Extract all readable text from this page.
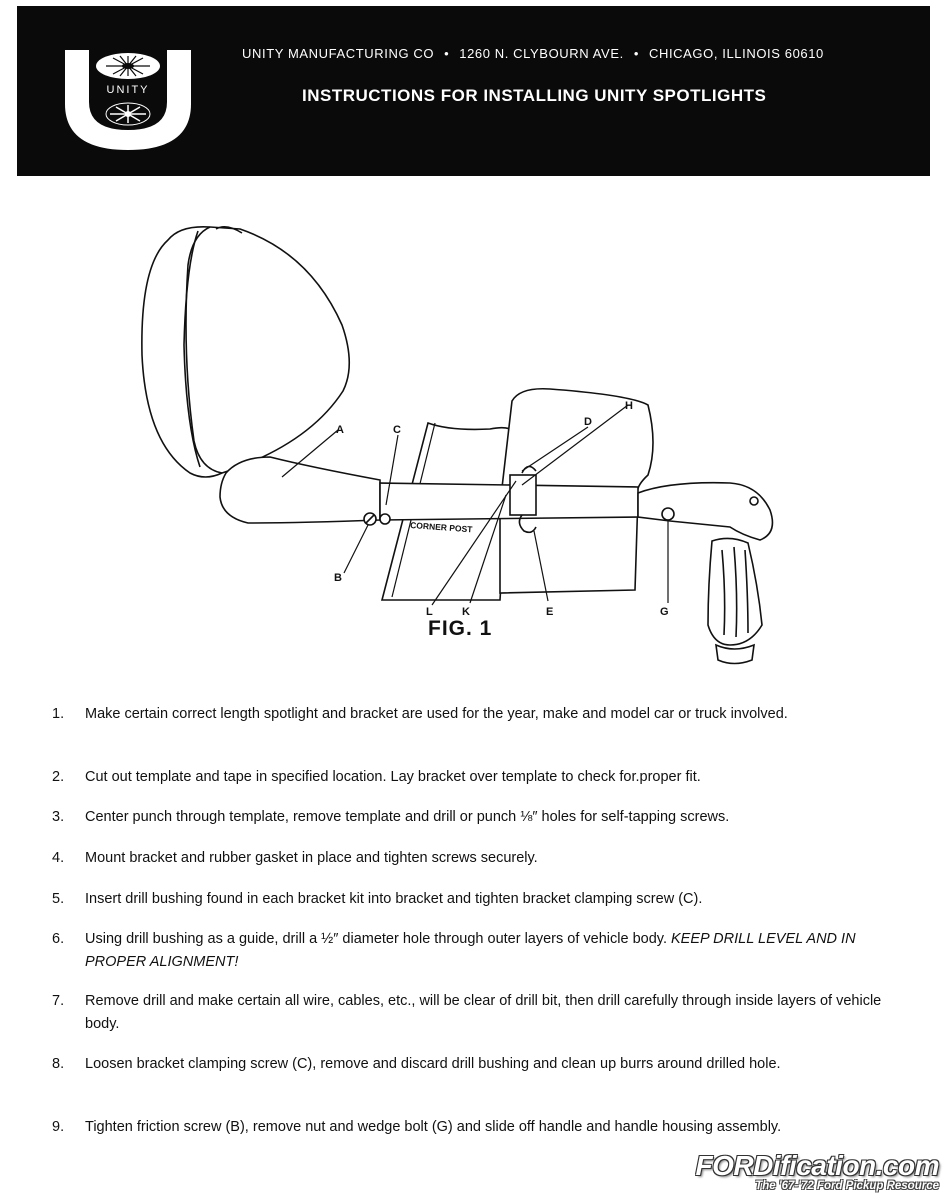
UNITY
UNITY MANUFACTURING CO • 1260 N. CLYBOURN AVE. • CHICAGO, ILLINOIS 60610
INSTRUCTIONS FOR INSTALLING UNITY SPOTLIGHTS
A
B
C
D
H
L	K	E	G
CORNER POST
FIG. 1
1.	Make certain correct length spotlight and bracket are used for the year, make and model car or truck involved.
2.	Cut out template and tape in specified location. Lay bracket over template to check for.proper fit.
3.	Center punch through template, remove template and drill or punch ⅛″ holes for self-tapping screws.
4.	Mount bracket and rubber gasket in place and tighten screws securely.
5.	Insert drill bushing found in each bracket kit into bracket and tighten bracket clamping screw (C).
6.	Using drill bushing as a guide, drill a ½″ diameter hole through outer layers of vehicle body. KEEP DRILL LEVEL AND IN PROPER ALIGNMENT!
7.	Remove drill and make certain all wire, cables, etc., will be clear of drill bit, then drill carefully through inside layers of vehicle body.
8.	Loosen bracket clamping screw (C), remove and discard drill bushing and clean up burrs around drilled hole.
9.	Tighten friction screw (B), remove nut and wedge bolt (G) and slide off handle and handle housing assembly.
FORDification.com
The '67-'72 Ford Pickup Resource
